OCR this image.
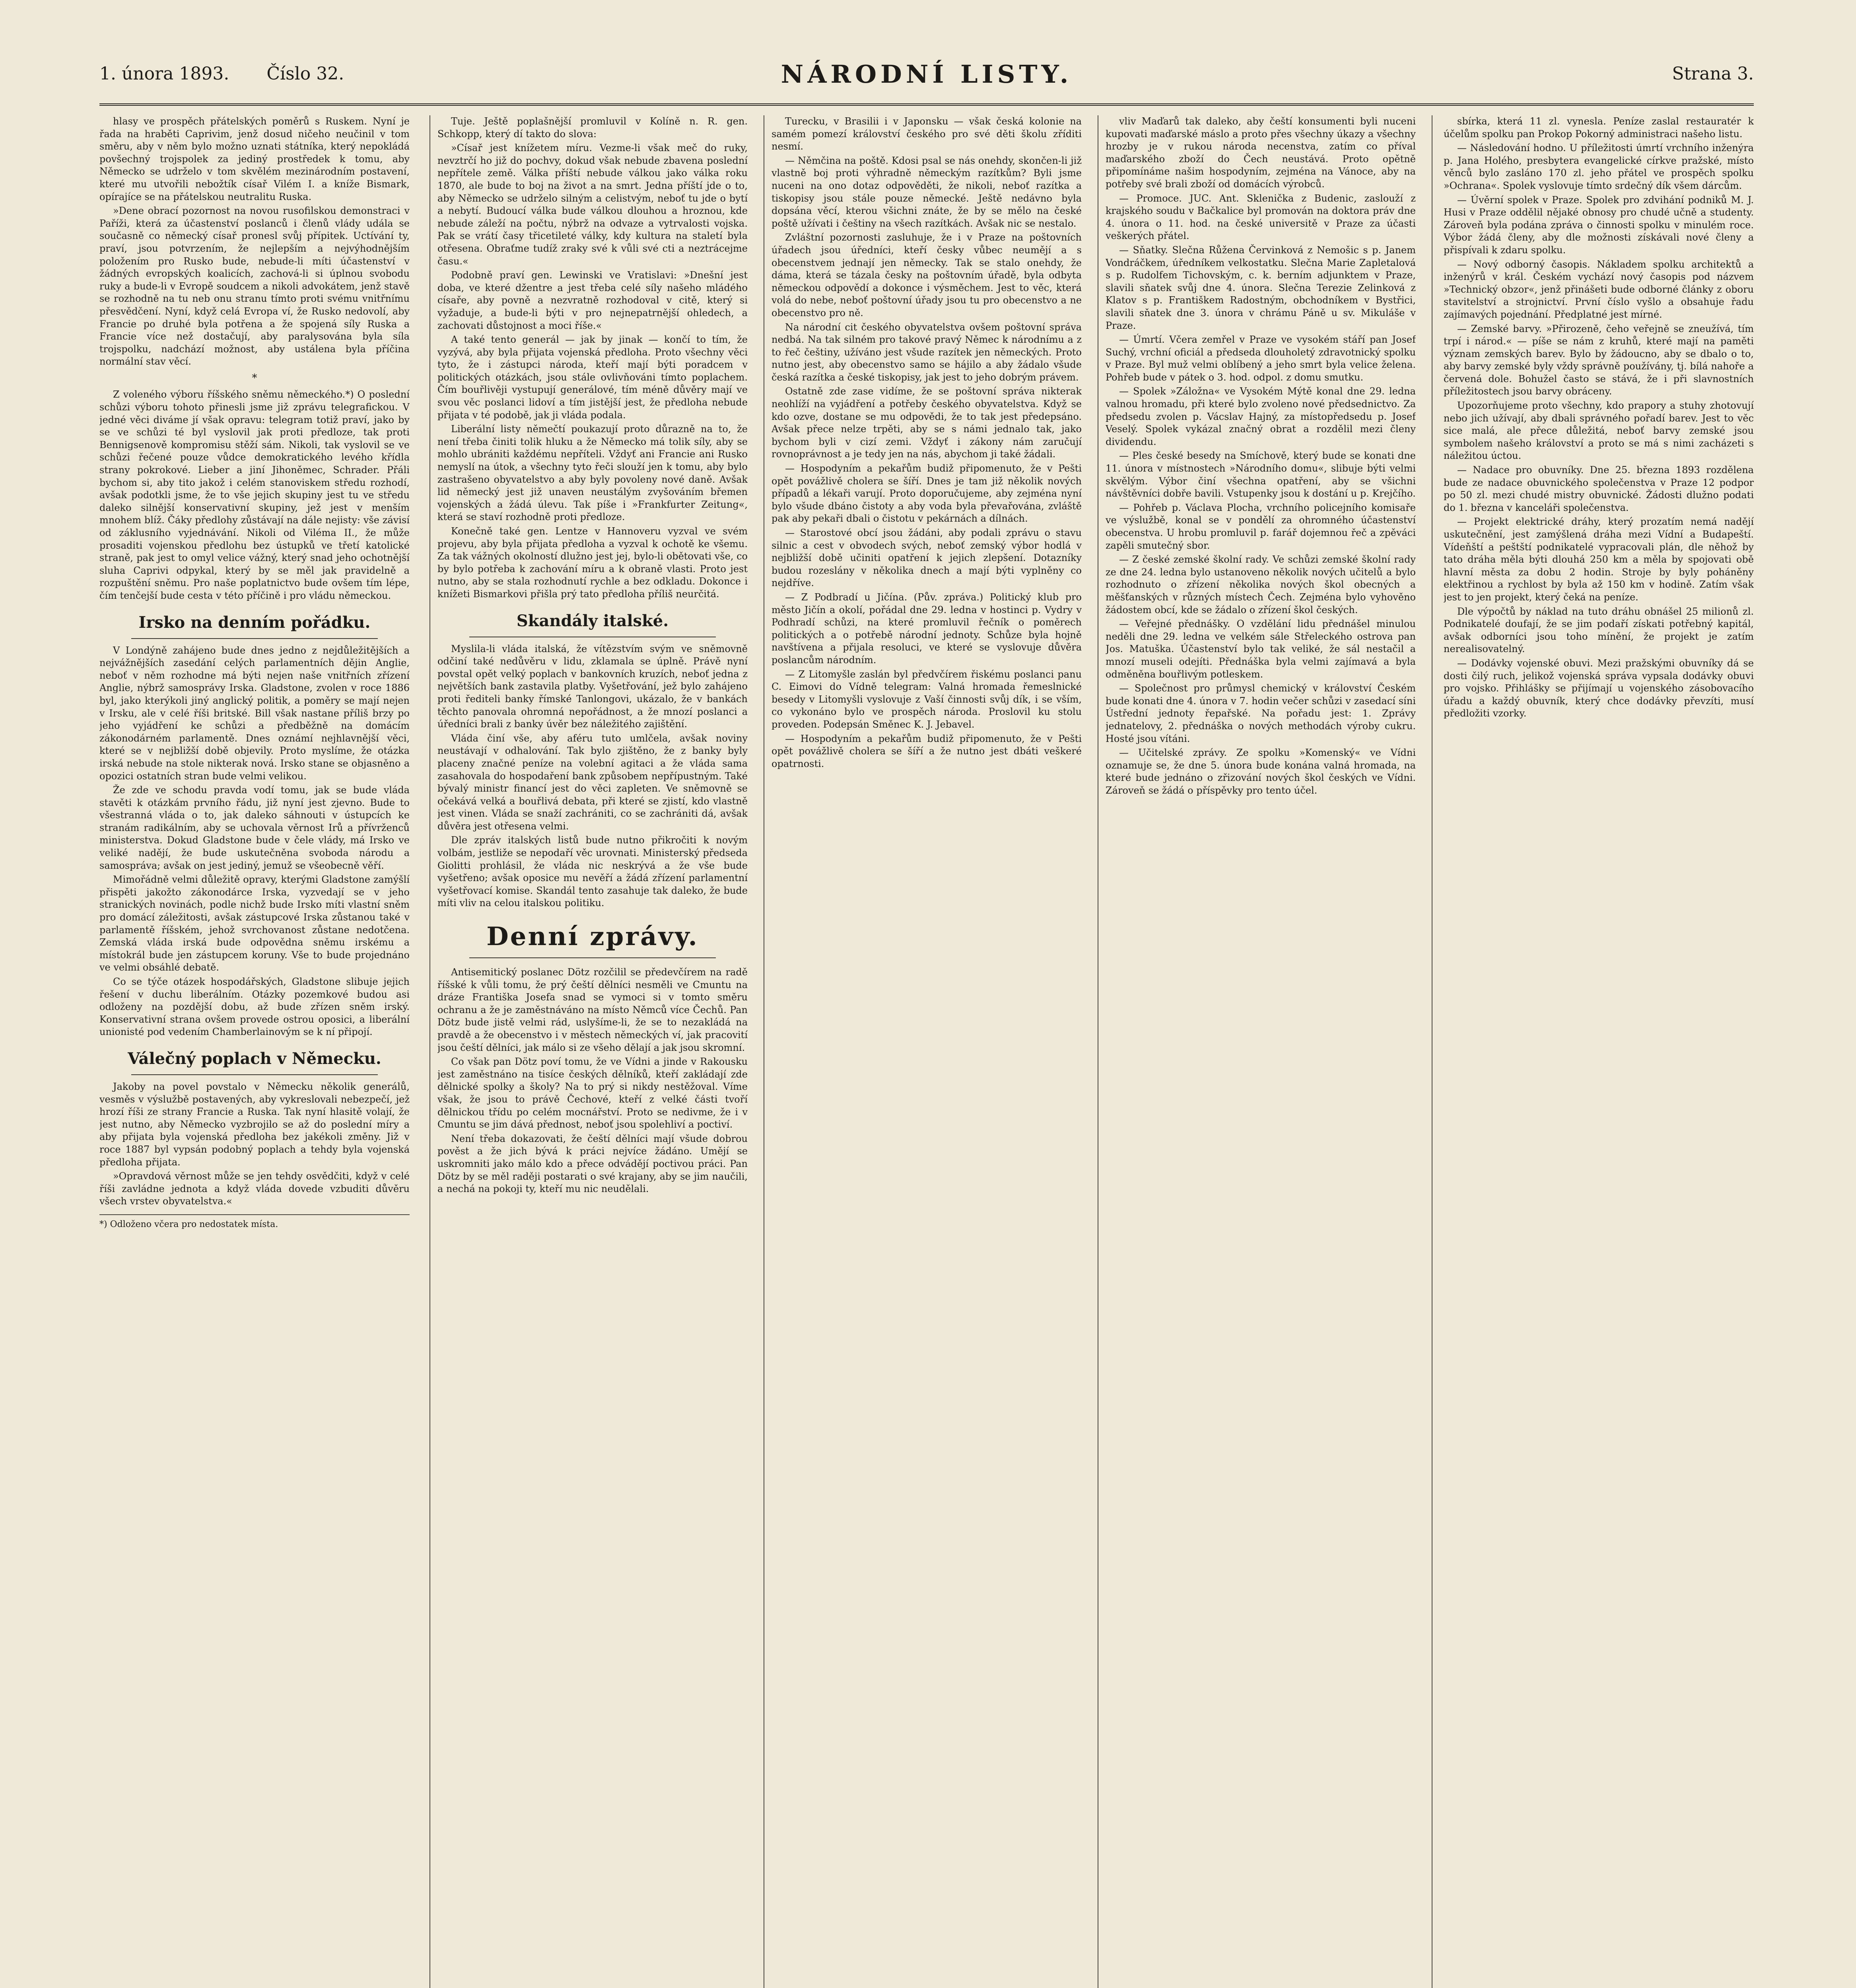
1. února 1893. Číslo 32.	NÁRODNÍ LISTY.	Strana 3.

hlasy ve prospěch přátelských poměrů s Ruskem. Nyní je řada na hraběti Caprivim, jenž dosud ničeho neučinil v tom směru, aby v něm bylo možno uznati státníka, který nepokládá povšechný trojspolek za jediný prostředek k tomu, aby Německo se udrželo v tom skvělém mezinárodním postavení, které mu utvořili nebožtík císař Vilém I. a kníže Bismark, opírajíce se na přátelskou neutralitu Ruska.

»Dene obrací pozornost na novou rusofilskou demonstraci v Paříži, která za účastenství poslanců i členů vlády udála se současně co německý císař pronesl svůj přípitek. Uctívání ty, praví, jsou potvrzením, že nejlepším a nejvýhodnějším položením pro Rusko bude, nebude-li míti účastenství v žádných evropských koalicích, zachová-li si úplnou svobodu ruky a bude-li v Evropě soudcem a nikoli advokátem, jenž stavě se rozhodně na tu neb onu stranu tímto proti svému vnitřnímu přesvědčení. Nyní, když celá Evropa ví, že Rusko nedovolí, aby Francie po druhé byla potřena a že spojená síly Ruska a Francie více než dostačují, aby paralysována byla síla trojspolku, nadchází možnost, aby ustálena byla příčina normální stav věcí.

*

Z voleného výboru říšského sněmu německého.*) O poslední schůzi výboru tohoto přinesli jsme již zprávu telegrafickou. V jedné věci diváme jí však opravu: telegram totiž praví, jako by se ve schůzi té byl vyslovil jak proti předloze, tak proti Bennigsenově kompromisu stěží sám. Nikoli, tak vyslovil se ve schůzi řečené pouze vůdce demokratického levého křídla strany pokrokové. Lieber a jiní Jihoněmec, Schrader. Přáli bychom si, aby tito jakož i celém stanoviskem středu rozhodí, avšak podotkli jsme, že to vše jejich skupiny jest tu ve středu daleko silnější konservativní skupiny, jež jest v menším mnohem blíž. Čáky předlohy zůstávají na dále nejisty: vše závisí od záklusního vyjednávání. Nikoli od Viléma II., že může prosaditi vojenskou předlohu bez ústupků ve třetí katolické straně, pak jest to omyl velice vážný, který snad jeho ochotnější sluha Caprivi odpykal, který by se měl jak pravidelně a rozpuštění sněmu. Pro naše poplatnictvo bude ovšem tím lépe, čím tenčejší bude cesta v této příčině i pro vládu německou.

Irsko na denním pořádku.

V Londýně zahájeno bude dnes jedno z nejdůležitějších a nejvážnějších zasedání celých parlamentních dějin Anglie, neboť v něm rozhodne má býti nejen naše vnitřních zřízení Anglie, nýbrž samosprávy Irska. Gladstone, zvolen v roce 1886 byl, jako kterýkoli jiný anglický politik, a poměry se mají nejen v Irsku, ale v celé říši britské. Bill však nastane příliš brzy po jeho vyjádření ke schůzi a předběžně na domácím zákonodárném parlamentě. Dnes oznámí nejhlavnější věci, které se v nejbližší době objevily. Proto myslíme, že otázka irská nebude na stole nikterak nová. Irsko stane se objasněno a opozici ostatních stran bude velmi velikou.

Že zde ve schodu pravda vodí tomu, jak se bude vláda stavěti k otázkám prvního řádu, již nyní jest zjevno. Bude to všestranná vláda o to, jak daleko sáhnouti v ústupcích ke stranám radikálním, aby se uchovala věrnost Irů a přívrženců ministerstva. Dokud Gladstone bude v čele vlády, má Irsko ve veliké nadějí, že bude uskutečněna svoboda národu a samospráva; avšak on jest jediný, jemuž se všeobecně věří.

Mimořádně velmi důležitě opravy, kterými Gladstone zamýšlí přispěti jakožto zákonodárce Irska, vyzvedají se v jeho stranických novinách, podle nichž bude Irsko míti vlastní sněm pro domácí záležitosti, avšak zástupcové Irska zůstanou také v parlamentě říšském, jehož svrchovanost zůstane nedotčena. Zemská vláda irská bude odpovědna sněmu irskému a místokrál bude jen zástupcem koruny. Vše to bude projednáno ve velmi obsáhlé debatě.

Co se týče otázek hospodářských, Gladstone slibuje jejich řešení v duchu liberálním. Otázky pozemkové budou asi odloženy na pozdější dobu, až bude zřízen sněm irský. Konservativní strana ovšem provede ostrou oposici, a liberální unionisté pod vedením Chamberlainovým se k ní připojí.

Válečný poplach v Německu.

Jakoby na povel povstalo v Německu několik generálů, vesměs v výslužbě postavených, aby vykreslovali nebezpečí, jež hrozí říši ze strany Francie a Ruska. Tak nyní hlasitě volají, že jest nutno, aby Německo vyzbrojilo se až do poslední míry a aby přijata byla vojenská předloha bez jakékoli změny. Již v roce 1887 byl vypsán podobný poplach a tehdy byla vojenská předloha přijata.

»Opravdová věrnost může se jen tehdy osvědčiti, když v celé říši zavládne jednota a když vláda dovede vzbuditi důvěru všech vrstev obyvatelstva.«

*) Odloženo včera pro nedostatek místa.

Tuje. Ještě poplašnější promluvil v Kolíně n. R. gen. Schkopp, který dí takto do slova:

»Císař jest knížetem míru. Vezme-li však meč do ruky, nevztrčí ho již do pochvy, dokud však nebude zbavena poslední nepřítele země. Válka příští nebude válkou jako válka roku 1870, ale bude to boj na život a na smrt. Jedna příští jde o to, aby Německo se udrželo silným a celistvým, neboť tu jde o bytí a nebytí. Budoucí válka bude válkou dlouhou a hroznou, kde nebude záleží na počtu, nýbrž na odvaze a vytrvalosti vojska. Pak se vrátí časy třicetileté války, kdy kultura na staletí byla otřesena. Obraťme tudíž zraky své k vůli své cti a neztrácejme času.«

Podobně praví gen. Lewinski ve Vratislavi: »Dnešní jest doba, ve které džentre a jest třeba celé síly našeho mládého císaře, aby povně a nezvratně rozhodoval v citě, který si vyžaduje, a bude-li býti v pro nejnepatrnější ohledech, a zachovati důstojnost a moci říše.«

A také tento generál — jak by jinak — končí to tím, že vyzývá, aby byla přijata vojenská předloha. Proto všechny věci tyto, že i zástupci národa, kteří mají býti poradcem v politických otázkách, jsou stále ovlivňováni tímto poplachem. Čím bouřlivěji vystupují generálové, tím méně důvěry mají ve svou věc poslanci lidoví a tím jistější jest, že předloha nebude přijata v té podobě, jak ji vláda podala.

Liberální listy němečtí poukazují proto důrazně na to, že není třeba činiti tolik hluku a že Německo má tolik síly, aby se mohlo ubrániti každému nepříteli. Vždyť ani Francie ani Rusko nemyslí na útok, a všechny tyto řeči slouží jen k tomu, aby bylo zastrašeno obyvatelstvo a aby byly povoleny nové daně. Avšak lid německý jest již unaven neustálým zvyšováním břemen vojenských a žádá úlevu. Tak píše i »Frankfurter Zeitung«, která se staví rozhodně proti předloze.

Konečně také gen. Lentze v Hannoveru vyzval ve svém projevu, aby byla přijata předloha a vyzval k ochotě ke všemu. Za tak vážných okolností dlužno jest jej, bylo-li obětovati vše, co by bylo potřeba k zachování míru a k obraně vlasti. Proto jest nutno, aby se stala rozhodnutí rychle a bez odkladu. Dokonce i knížeti Bismarkovi přišla prý tato předloha příliš neurčitá.

Skandály italské.

Myslila-li vláda italská, že vítězstvím svým ve sněmovně odčiní také nedůvěru v lidu, zklamala se úplně. Právě nyní povstal opět velký poplach v bankovních kruzích, neboť jedna z největších bank zastavila platby. Vyšetřování, jež bylo zahájeno proti řediteli banky římské Tanlongovi, ukázalo, že v bankách těchto panovala ohromná nepořádnost, a že mnozí poslanci a úředníci brali z banky úvěr bez náležitého zajištění.

Vláda činí vše, aby aféru tuto umlčela, avšak noviny neustávají v odhalování. Tak bylo zjištěno, že z banky byly placeny značné peníze na volební agitaci a že vláda sama zasahovala do hospodaření bank způsobem nepřípustným. Také bývalý ministr financí jest do věci zapleten. Ve sněmovně se očekává velká a bouřlivá debata, při které se zjistí, kdo vlastně jest vinen. Vláda se snaží zachrániti, co se zachrániti dá, avšak důvěra jest otřesena velmi.

Dle zpráv italských listů bude nutno přikročiti k novým volbám, jestliže se nepodaří věc urovnati. Ministerský předseda Giolitti prohlásil, že vláda nic neskrývá a že vše bude vyšetřeno; avšak oposice mu nevěří a žádá zřízení parlamentní vyšetřovací komise. Skandál tento zasahuje tak daleko, že bude míti vliv na celou italskou politiku.

Denní zprávy.

Antisemitický poslanec Dötz rozčilil se předevčírem na radě říšské k vůli tomu, že prý čeští dělníci nesměli ve Cmuntu na dráze Františka Josefa snad se vymoci si v tomto směru ochranu a že je zaměstnáváno na místo Němců více Čechů. Pan Dötz bude jistě velmi rád, uslyšíme-li, že se to nezakládá na pravdě a že obecenstvo i v městech německých ví, jak pracovití jsou čeští dělníci, jak málo si ze všeho dělají a jak jsou skromní.

Co však pan Dötz poví tomu, že ve Vídni a jinde v Rakousku jest zaměstnáno na tisíce českých dělníků, kteří zakládají zde dělnické spolky a školy? Na to prý si nikdy nestěžoval. Víme však, že jsou to právě Čechové, kteří z velké části tvoří dělnickou třídu po celém mocnářství. Proto se nedivme, že i v Cmuntu se jim dává přednost, neboť jsou spolehliví a poctiví.

Není třeba dokazovati, že čeští dělníci mají všude dobrou pověst a že jich bývá k práci nejvíce žádáno. Umějí se uskromniti jako málo kdo a přece odvádějí poctivou práci. Pan Dötz by se měl raději postarati o své krajany, aby se jim naučili, a nechá na pokoji ty, kteří mu nic neudělali.

Turecku, v Brasilii i v Japonsku — však česká kolonie na samém pomezí království českého pro své děti školu zříditi nesmí.

— Němčina na poště. Kdosi psal se nás onehdy, skončen-li již vlastně boj proti výhradně německým razítkům? Byli jsme nuceni na ono dotaz odpověděti, že nikoli, neboť razítka a tiskopisy jsou stále pouze německé. Ještě nedávno byla dopsána věcí, kterou všichni znáte, že by se mělo na české poště užívati i češtiny na všech razítkách. Avšak nic se nestalo.

Zvláštní pozornosti zasluhuje, že i v Praze na poštovních úřadech jsou úředníci, kteří česky vůbec neumějí a s obecenstvem jednají jen německy. Tak se stalo onehdy, že dáma, která se tázala česky na poštovním úřadě, byla odbyta německou odpovědí a dokonce i výsměchem. Jest to věc, která volá do nebe, neboť poštovní úřady jsou tu pro obecenstvo a ne obecenstvo pro ně.

Na národní cit českého obyvatelstva ovšem poštovní správa nedbá. Na tak silném pro takové pravý Němec k národnímu a z to řeč češtiny, užíváno jest všude razítek jen německých. Proto nutno jest, aby obecenstvo samo se hájilo a aby žádalo všude česká razítka a české tiskopisy, jak jest to jeho dobrým právem.

Ostatně zde zase vidíme, že se poštovní správa nikterak neohlíží na vyjádření a potřeby českého obyvatelstva. Když se kdo ozve, dostane se mu odpovědi, že to tak jest předepsáno. Avšak přece nelze trpěti, aby se s námi jednalo tak, jako bychom byli v cizí zemi. Vždyť i zákony nám zaručují rovnoprávnost a je tedy jen na nás, abychom ji také žádali.

— Hospodyním a pekařům budiž připomenuto, že v Pešti opět povážlivě cholera se šíří. Dnes je tam již několik nových případů a lékaři varují. Proto doporučujeme, aby zejména nyní bylo všude dbáno čistoty a aby voda byla převařována, zvláště pak aby pekaři dbali o čistotu v pekárnách a dílnách.

— Starostové obcí jsou žádáni, aby podali zprávu o stavu silnic a cest v obvodech svých, neboť zemský výbor hodlá v nejbližší době učiniti opatření k jejich zlepšení. Dotazníky budou rozeslány v několika dnech a mají býti vyplněny co nejdříve.

— Z Podbradí u Jičína. (Pův. zpráva.) Politický klub pro město Jičín a okolí, pořádal dne 29. ledna v hostinci p. Vydry v Podhradí schůzi, na které promluvil řečník o poměrech politických a o potřebě národní jednoty. Schůze byla hojně navštívena a přijala resoluci, ve které se vyslovuje důvěra poslancům národním.

— Z Litomyšle zaslán byl předvčírem řiskému poslanci panu C. Eimovi do Vídně telegram: Valná hromada řemeslnické besedy v Litomyšli vyslovuje z Vaší činnosti svůj dík, i se vším, co vykonáno bylo ve prospěch národa. Proslovil ku stolu proveden. Podepsán Směnec K. J. Jebavel.

— Hospodyním a pekařům budiž připomenuto, že v Pešti opět povážlivě cholera se šíří a že nutno jest dbáti veškeré opatrnosti.

vliv Maďarů tak daleko, aby čeští konsumenti byli nuceni kupovati maďarské máslo a proto přes všechny úkazy a všechny hrozby je v rukou národa necenstva, zatím co příval maďarského zboží do Čech neustává. Proto opětně připomínáme našim hospodyním, zejména na Vánoce, aby na potřeby své brali zboží od domácích výrobců.

— Promoce. JUC. Ant. Sklenička z Budenic, zaslouží z krajského soudu v Bačkalice byl promován na doktora práv dne 4. února o 11. hod. na české universitě v Praze za účasti veškerých přátel.

— Sňatky. Slečna Růžena Červinková z Nemošic s p. Janem Vondráčkem, úředníkem velkostatku. Slečna Marie Zapletalová s p. Rudolfem Tichovským, c. k. berním adjunktem v Praze, slavili sňatek svůj dne 4. února. Slečna Terezie Zelinková z Klatov s p. Františkem Radostným, obchodníkem v Bystřici, slavili sňatek dne 3. února v chrámu Páně u sv. Mikuláše v Praze.

— Úmrtí. Včera zemřel v Praze ve vysokém stáří pan Josef Suchý, vrchní oficiál a předseda dlouholetý zdravotnický spolku v Praze. Byl muž velmi oblíbený a jeho smrt byla velice želena. Pohřeb bude v pátek o 3. hod. odpol. z domu smutku.

— Spolek »Záložna« ve Vysokém Mýtě konal dne 29. ledna valnou hromadu, při které bylo zvoleno nové předsednictvo. Za předsedu zvolen p. Vácslav Hajný, za místopředsedu p. Josef Veselý. Spolek vykázal značný obrat a rozdělil mezi členy dividendu.

— Ples české besedy na Smíchově, který bude se konati dne 11. února v místnostech »Národního domu«, slibuje býti velmi skvělým. Výbor činí všechna opatření, aby se všichni návštěvníci dobře bavili. Vstupenky jsou k dostání u p. Krejčího.

— Pohřeb p. Václava Plocha, vrchního policejního komisaře ve výslužbě, konal se v pondělí za ohromného účastenství obecenstva. U hrobu promluvil p. farář dojemnou řeč a zpěváci zapěli smutečný sbor.

— Z české zemské školní rady. Ve schůzi zemské školní rady ze dne 24. ledna bylo ustanoveno několik nových učitelů a bylo rozhodnuto o zřízení několika nových škol obecných a měšťanských v různých místech Čech. Zejména bylo vyhověno žádostem obcí, kde se žádalo o zřízení škol českých.

— Veřejné přednášky. O vzdělání lidu přednášel minulou neděli dne 29. ledna ve velkém sále Střeleckého ostrova pan Jos. Matuška. Účastenství bylo tak veliké, že sál nestačil a mnozí museli odejíti. Přednáška byla velmi zajímavá a byla odměněna bouřlivým potleskem.

— Společnost pro průmysl chemický v království Českém bude konati dne 4. února v 7. hodin večer schůzi v zasedací síni Ústřední jednoty řepařské. Na pořadu jest: 1. Zprávy jednatelovy, 2. přednáška o nových methodách výroby cukru. Hosté jsou vítáni.

— Učitelské zprávy. Ze spolku »Komenský« ve Vídni oznamuje se, že dne 5. února bude konána valná hromada, na které bude jednáno o zřizování nových škol českých ve Vídni. Zároveň se žádá o příspěvky pro tento účel.

sbírka, která 11 zl. vynesla. Peníze zaslal restauratér k účelům spolku pan Prokop Pokorný administraci našeho listu.

— Následování hodno. U příležitosti úmrtí vrchního inženýra p. Jana Holého, presbytera evangelické církve pražské, místo věnců bylo zasláno 170 zl. jeho přátel ve prospěch spolku »Ochrana«. Spolek vyslovuje tímto srdečný dík všem dárcům.

— Úvěrní spolek v Praze. Spolek pro zdvihání podniků M. J. Husi v Praze oddělil nějaké obnosy pro chudé učně a studenty. Zároveň byla podána zpráva o činnosti spolku v minulém roce. Výbor žádá členy, aby dle možnosti získávali nové členy a přispívali k zdaru spolku.

— Nový odborný časopis. Nákladem spolku architektů a inženýrů v král. Českém vychází nový časopis pod názvem »Technický obzor«, jenž přinášeti bude odborné články z oboru stavitelství a strojnictví. První číslo vyšlo a obsahuje řadu zajímavých pojednání. Předplatné jest mírné.

— Zemské barvy. »Přirozeně, čeho veřejně se zneužívá, tím trpí i národ.« — píše se nám z kruhů, které mají na paměti význam zemských barev. Bylo by žádoucno, aby se dbalo o to, aby barvy zemské byly vždy správně používány, tj. bílá nahoře a červená dole. Bohužel často se stává, že i při slavnostních příležitostech jsou barvy obráceny.

Upozorňujeme proto všechny, kdo prapory a stuhy zhotovují nebo jich užívají, aby dbali správného pořadí barev. Jest to věc sice malá, ale přece důležitá, neboť barvy zemské jsou symbolem našeho království a proto se má s nimi zacházeti s náležitou úctou.

— Nadace pro obuvníky. Dne 25. března 1893 rozdělena bude ze nadace obuvnického společenstva v Praze 12 podpor po 50 zl. mezi chudé mistry obuvnické. Žádosti dlužno podati do 1. března v kanceláři společenstva.

— Projekt elektrické dráhy, který prozatím nemá nadějí uskutečnění, jest zamýšlená dráha mezi Vídní a Budapeští. Vídeňští a peštští podnikatelé vypracovali plán, dle něhož by tato dráha měla býti dlouhá 250 km a měla by spojovati obě hlavní města za dobu 2 hodin. Stroje by byly poháněny elektřinou a rychlost by byla až 150 km v hodině. Zatím však jest to jen projekt, který čeká na peníze.

Dle výpočtů by náklad na tuto dráhu obnášel 25 milionů zl. Podnikatelé doufají, že se jim podaří získati potřebný kapitál, avšak odborníci jsou toho mínění, že projekt je zatím nerealisovatelný.

— Dodávky vojenské obuvi. Mezi pražskými obuvníky dá se dosti čilý ruch, jelikož vojenská správa vypsala dodávky obuvi pro vojsko. Přihlášky se přijímají u vojenského zásobovacího úřadu a každý obuvník, který chce dodávky převzíti, musí předložiti vzorky.
